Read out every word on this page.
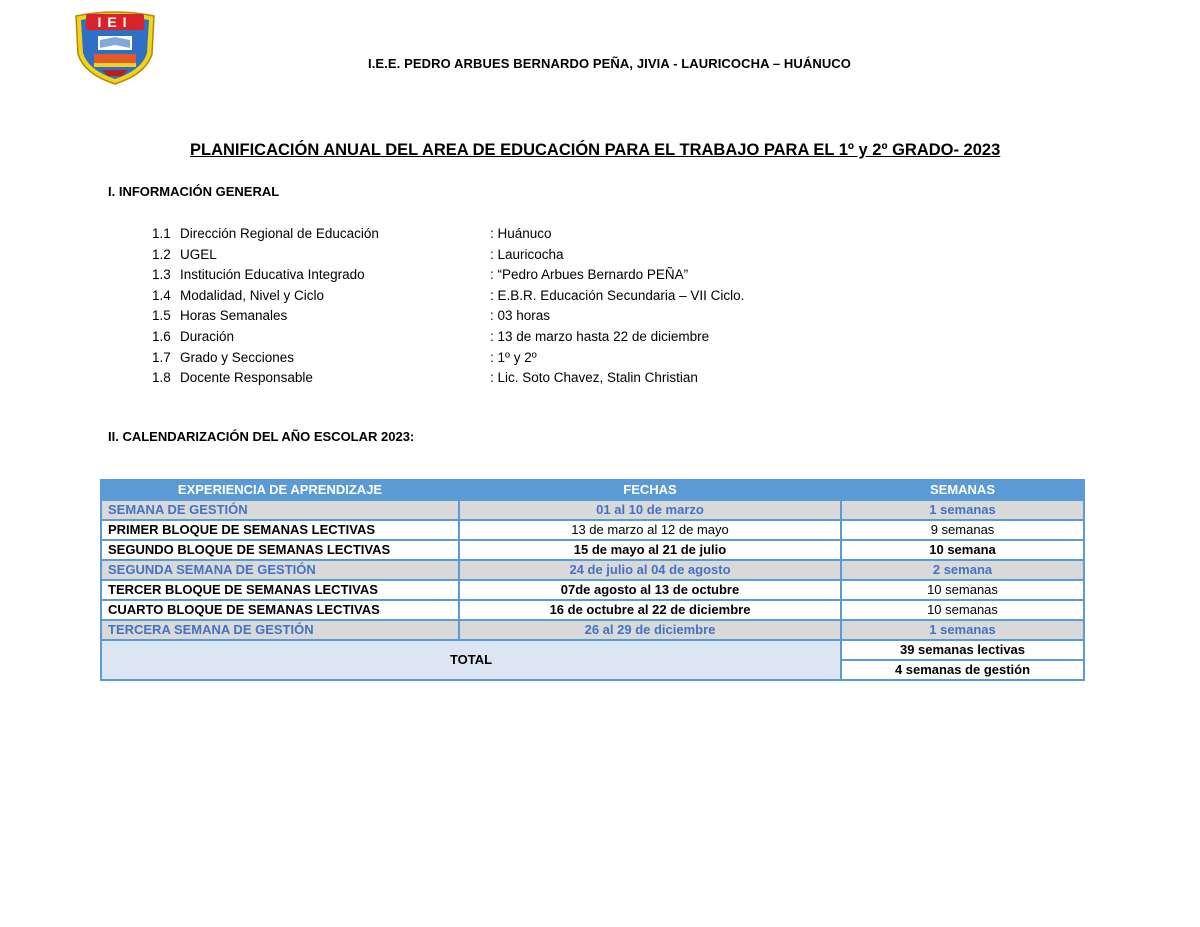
IEI
I.E.E. PEDRO ARBUES BERNARDO PEÑA, JIVIA - LAURICOCHA – HUÁNUCO
PLANIFICACIÓN ANUAL DEL AREA DE EDUCACIÓN PARA EL TRABAJO PARA EL 1º y 2º GRADO- 2023
I. INFORMACIÓN GENERAL
1.1 Dirección Regional de Educación	: Huánuco
1.2 UGEL	: Lauricocha
1.3 Institución Educativa Integrado	: “Pedro Arbues Bernardo PEÑA”
1.4 Modalidad, Nivel y Ciclo	: E.B.R. Educación Secundaria – VII Ciclo.
1.5 Horas Semanales	: 03 horas
1.6 Duración	: 13 de marzo hasta 22 de diciembre
1.7 Grado y Secciones	: 1º y 2º
1.8 Docente Responsable	: Lic. Soto Chavez, Stalin Christian
II. CALENDARIZACIÓN DEL AÑO ESCOLAR 2023:
EXPERIENCIA DE APRENDIZAJE	FECHAS	SEMANAS
SEMANA DE GESTIÓN	01 al 10 de marzo	1 semanas
PRIMER BLOQUE DE SEMANAS LECTIVAS	13 de marzo al 12 de mayo	9 semanas
SEGUNDO BLOQUE DE SEMANAS LECTIVAS	15 de mayo al 21 de julio	10 semana
SEGUNDA SEMANA DE GESTIÓN	24 de julio al 04 de agosto	2 semana
TERCER BLOQUE DE SEMANAS LECTIVAS	07de agosto al 13 de octubre	10 semanas
CUARTO BLOQUE DE SEMANAS LECTIVAS	16 de octubre al 22 de diciembre	10 semanas
TERCERA SEMANA DE GESTIÓN	26 al 29 de diciembre	1 semanas
TOTAL		39 semanas lectivas
		4 semanas de gestión
